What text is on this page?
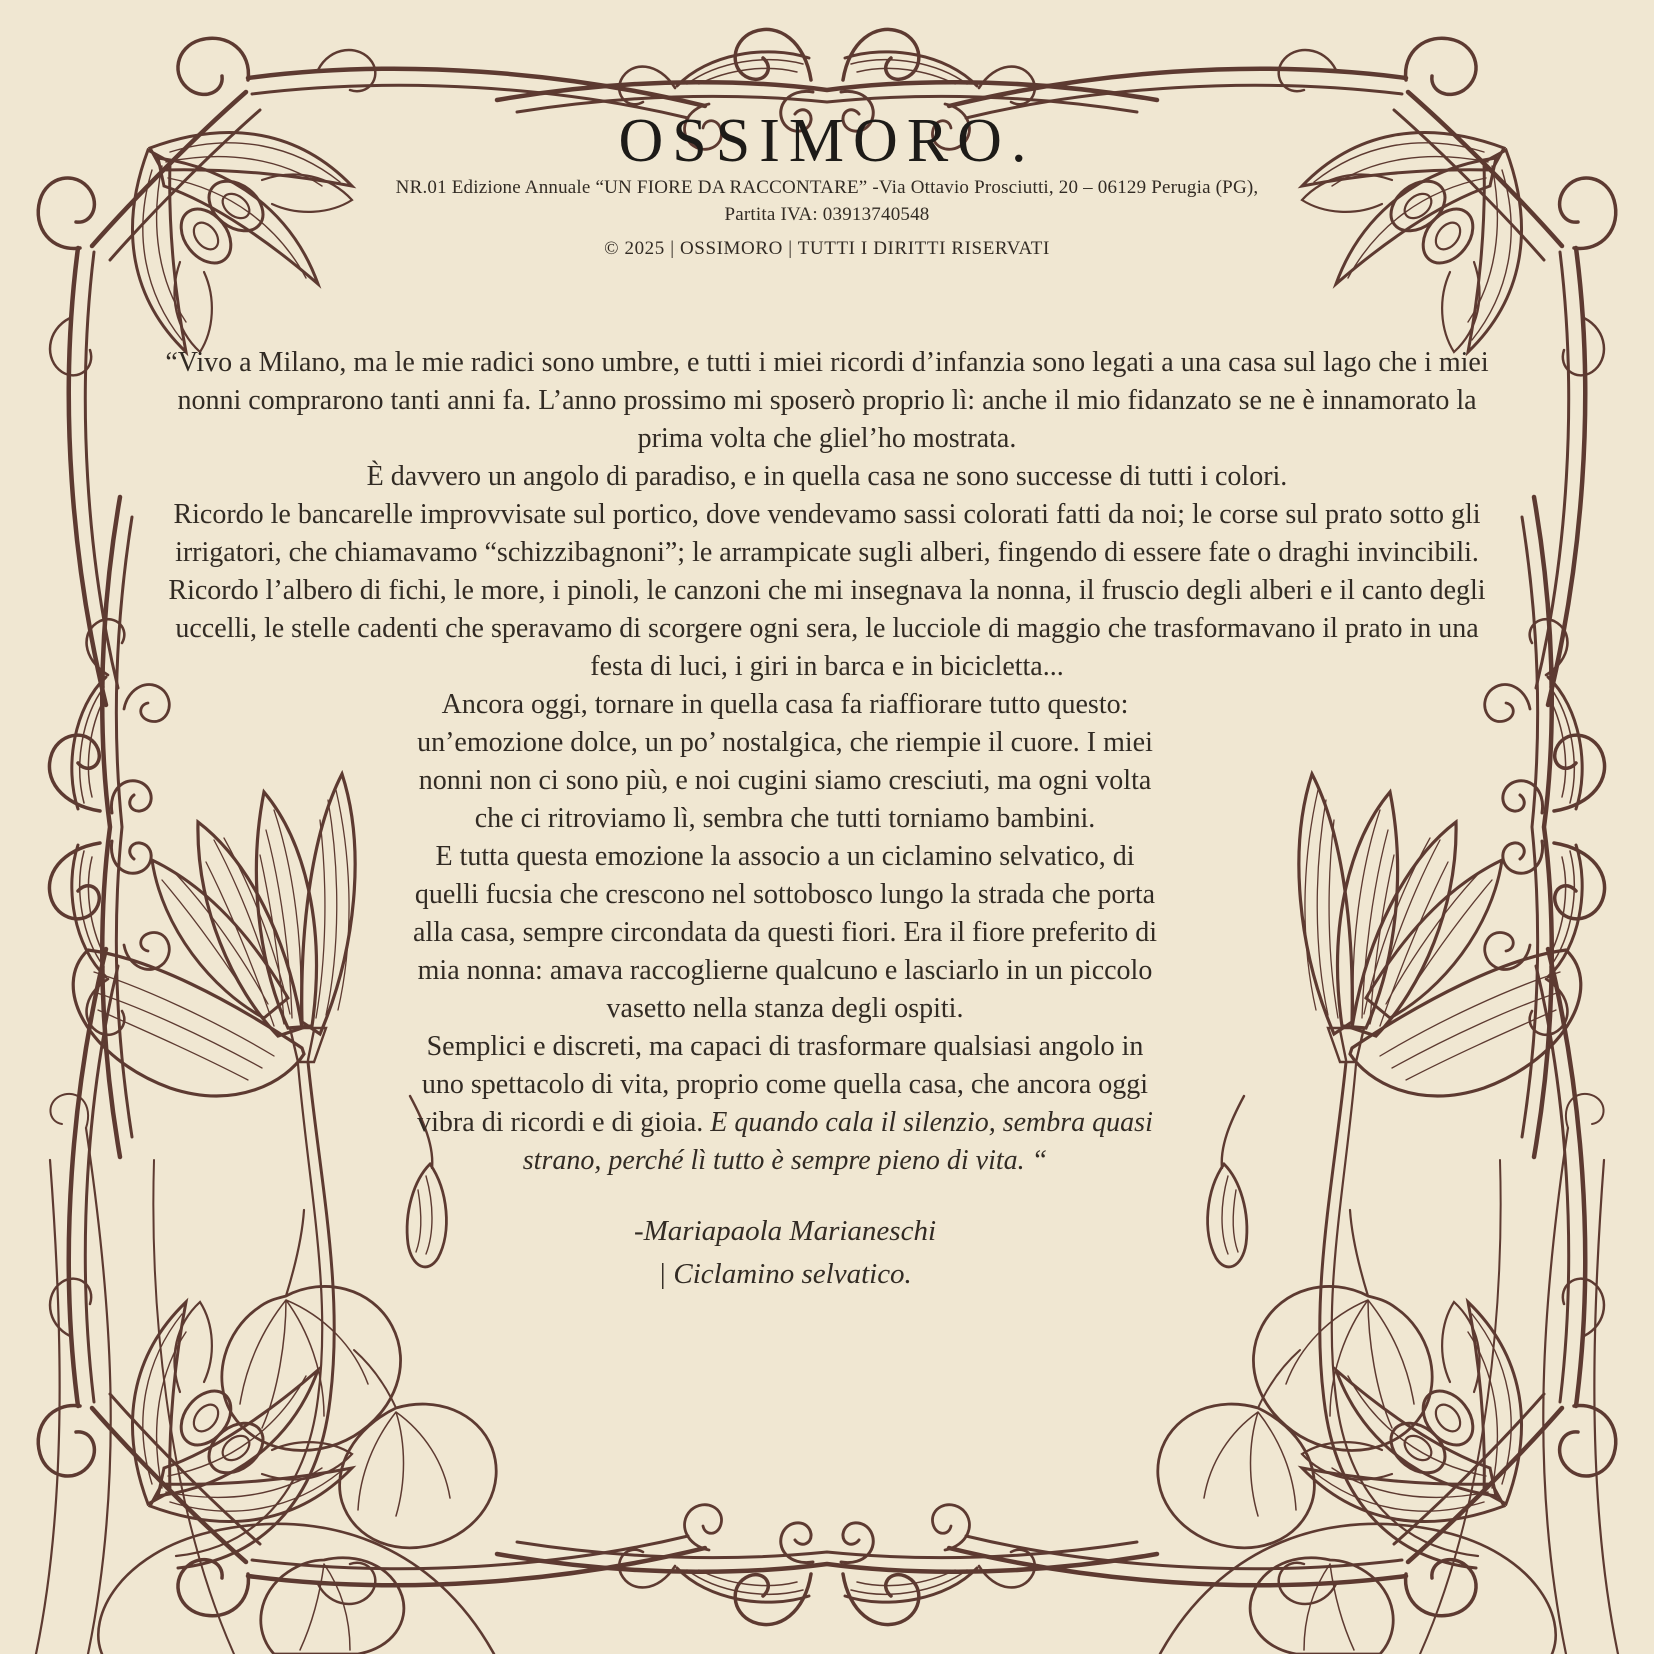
OSSIMORO.
NR.01 Edizione Annuale “UN FIORE DA RACCONTARE” -Via Ottavio Prosciutti, 20 – 06129 Perugia (PG),
Partita IVA: 03913740548
© 2025 | OSSIMORO | TUTTI I DIRITTI RISERVATI

“Vivo a Milano, ma le mie radici sono umbre, e tutti i miei ricordi d’infanzia sono legati a una casa sul lago che i miei nonni comprarono tanti anni fa. L’anno prossimo mi sposerò proprio lì: anche il mio fidanzato se ne è innamorato la prima volta che gliel’ho mostrata.

È davvero un angolo di paradiso, e in quella casa ne sono successe di tutti i colori.

Ricordo le bancarelle improvvisate sul portico, dove vendevamo sassi colorati fatti da noi; le corse sul prato sotto gli irrigatori, che chiamavamo “schizzibagnoni”; le arrampicate sugli alberi, fingendo di essere fate o draghi invincibili.

Ricordo l’albero di fichi, le more, i pinoli, le canzoni che mi insegnava la nonna, il fruscio degli alberi e il canto degli uccelli, le stelle cadenti che speravamo di scorgere ogni sera, le lucciole di maggio che trasformavano il prato in una festa di luci, i giri in barca e in bicicletta...

Ancora oggi, tornare in quella casa fa riaffiorare tutto questo: un’emozione dolce, un po’ nostalgica, che riempie il cuore. I miei nonni non ci sono più, e noi cugini siamo cresciuti, ma ogni volta che ci ritroviamo lì, sembra che tutti torniamo bambini.

E tutta questa emozione la associo a un ciclamino selvatico, di quelli fucsia che crescono nel sottobosco lungo la strada che porta alla casa, sempre circondata da questi fiori. Era il fiore preferito di mia nonna: amava raccoglierne qualcuno e lasciarlo in un piccolo vasetto nella stanza degli ospiti.

Semplici e discreti, ma capaci di trasformare qualsiasi angolo in uno spettacolo di vita, proprio come quella casa, che ancora oggi vibra di ricordi e di gioia. E quando cala il silenzio, sembra quasi strano, perché lì tutto è sempre pieno di vita. “

-Mariapaola Marianeschi
| Ciclamino selvatico.
